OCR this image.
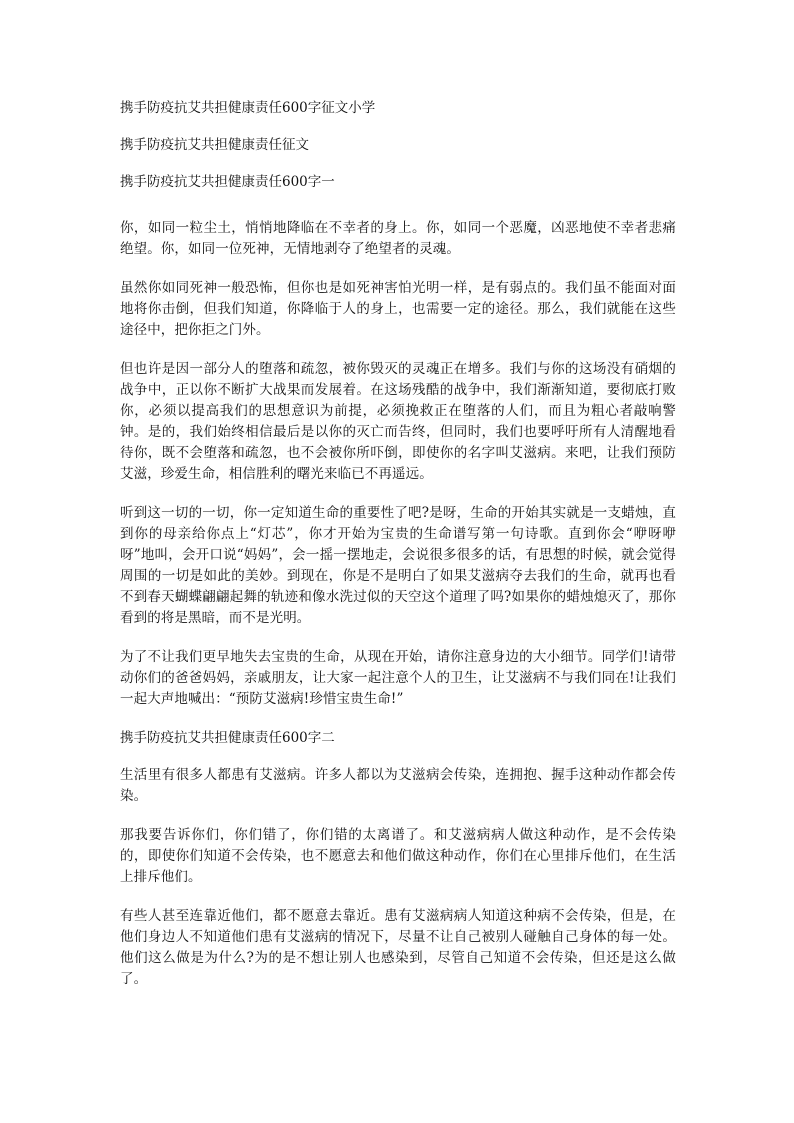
携手防疫抗艾共担健康责任600字征文小学
携手防疫抗艾共担健康责任征文
携手防疫抗艾共担健康责任600字一

你，如同一粒尘土，悄悄地降临在不幸者的身上。你，如同一个恶魔，凶恶地使不幸者悲痛绝望。你，如同一位死神，无情地剥夺了绝望者的灵魂。

虽然你如同死神一般恐怖，但你也是如死神害怕光明一样，是有弱点的。我们虽不能面对面地将你击倒，但我们知道，你降临于人的身上，也需要一定的途径。那么，我们就能在这些途径中，把你拒之门外。

但也许是因一部分人的堕落和疏忽，被你毁灭的灵魂正在增多。我们与你的这场没有硝烟的战争中，正以你不断扩大战果而发展着。在这场残酷的战争中，我们渐渐知道，要彻底打败你，必须以提高我们的思想意识为前提，必须挽救正在堕落的人们，而且为粗心者敲响警钟。是的，我们始终相信最后是以你的灭亡而告终，但同时，我们也要呼吁所有人清醒地看待你，既不会堕落和疏忽，也不会被你所吓倒，即使你的名字叫艾滋病。来吧，让我们预防艾滋，珍爱生命，相信胜利的曙光来临已不再遥远。

听到这一切的一切，你一定知道生命的重要性了吧?是呀，生命的开始其实就是一支蜡烛，直到你的母亲给你点上“灯芯”，你才开始为宝贵的生命谱写第一句诗歌。直到你会“咿呀咿呀”地叫，会开口说“妈妈”，会一摇一摆地走，会说很多很多的话，有思想的时候，就会觉得周围的一切是如此的美妙。到现在，你是不是明白了如果艾滋病夺去我们的生命，就再也看不到春天蝴蝶翩翩起舞的轨迹和像水洗过似的天空这个道理了吗?如果你的蜡烛熄灭了，那你看到的将是黑暗，而不是光明。

为了不让我们更早地失去宝贵的生命，从现在开始，请你注意身边的大小细节。同学们!请带动你们的爸爸妈妈，亲戚朋友，让大家一起注意个人的卫生，让艾滋病不与我们同在!让我们一起大声地喊出：“预防艾滋病!珍惜宝贵生命!”

携手防疫抗艾共担健康责任600字二

生活里有很多人都患有艾滋病。许多人都以为艾滋病会传染，连拥抱、握手这种动作都会传染。

那我要告诉你们，你们错了，你们错的太离谱了。和艾滋病病人做这种动作，是不会传染的，即使你们知道不会传染，也不愿意去和他们做这种动作，你们在心里排斥他们，在生活上排斥他们。

有些人甚至连靠近他们，都不愿意去靠近。患有艾滋病病人知道这种病不会传染，但是，在他们身边人不知道他们患有艾滋病的情况下，尽量不让自己被别人碰触自己身体的每一处。他们这么做是为什么?为的是不想让别人也感染到，尽管自己知道不会传染，但还是这么做了。
